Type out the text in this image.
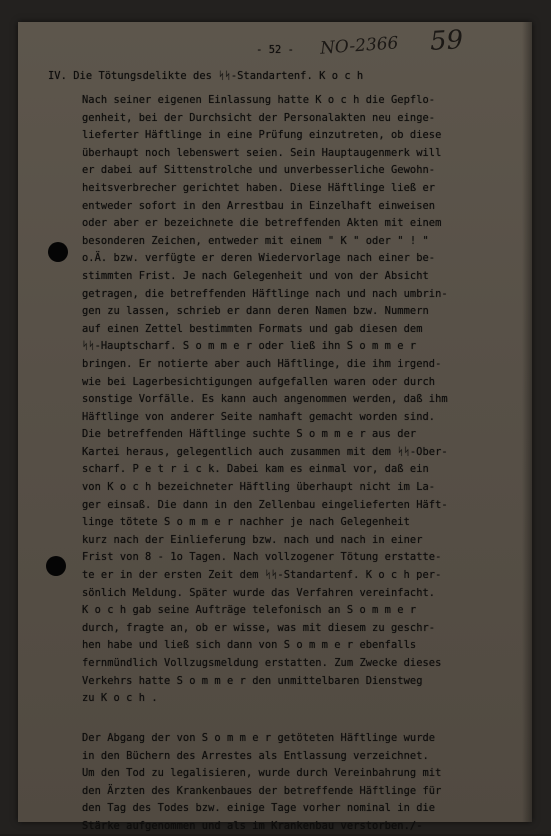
NO-2366 59
- 52 -
IV. Die Tötungsdelikte des ᛋᛋ-Standartenf. K o c h
Nach seiner eigenen Einlassung hatte K o c h die Gepflo-
genheit, bei der Durchsicht der Personalakten neu einge-
lieferter Häftlinge in eine Prüfung einzutreten, ob diese
überhaupt noch lebenswert seien. Sein Hauptaugenmerk will
er dabei auf Sittenstrolche und unverbesserliche Gewohn-
heitsverbrecher gerichtet haben. Diese Häftlinge ließ er
entweder sofort in den Arrestbau in Einzelhaft einweisen
oder aber er bezeichnete die betreffenden Akten mit einem
besonderen Zeichen, entweder mit einem " K " oder " ! "
o.Ä. bzw. verfügte er deren Wiedervorlage nach einer be-
stimmten Frist. Je nach Gelegenheit und von der Absicht
getragen, die betreffenden Häftlinge nach und nach umbrin-
gen zu lassen, schrieb er dann deren Namen bzw. Nummern
auf einen Zettel bestimmten Formats und gab diesen dem
ᛋᛋ-Hauptscharf. S o m m e r oder ließ ihn S o m m e r
bringen. Er notierte aber auch Häftlinge, die ihm irgend-
wie bei Lagerbesichtigungen aufgefallen waren oder durch
sonstige Vorfälle. Es kann auch angenommen werden, daß ihm
Häftlinge von anderer Seite namhaft gemacht worden sind.
Die betreffenden Häftlinge suchte S o m m e r aus der
Kartei heraus, gelegentlich auch zusammen mit dem ᛋᛋ-Ober-
scharf. P e t r i c k. Dabei kam es einmal vor, daß ein
von K o c h bezeichneter Häftling überhaupt nicht im La-
ger einsaß. Die dann in den Zellenbau eingelieferten Häft-
linge tötete S o m m e r nachher je nach Gelegenheit
kurz nach der Einlieferung bzw. nach und nach in einer
Frist von 8 - 1o Tagen. Nach vollzogener Tötung erstatte-
te er in der ersten Zeit dem ᛋᛋ-Standartenf. K o c h per-
sönlich Meldung. Später wurde das Verfahren vereinfacht.
K o c h gab seine Aufträge telefonisch an S o m m e r
durch, fragte an, ob er wisse, was mit diesem zu geschr-
hen habe und ließ sich dann von S o m m e r ebenfalls
fernmündlich Vollzugsmeldung erstatten. Zum Zwecke dieses
Verkehrs hatte S o m m e r den unmittelbaren Dienstweg
zu K o c h .
Der Abgang der von S o m m e r getöteten Häftlinge wurde
in den Büchern des Arrestes als Entlassung verzeichnet.
Um den Tod zu legalisieren, wurde durch Vereinbahrung mit
den Ärzten des Krankenbaues der betreffende Häftlinge für
den Tag des Todes bzw. einige Tage vorher nominal in die
Stärke aufgenommen und als im Krankenbau verstorben./-
